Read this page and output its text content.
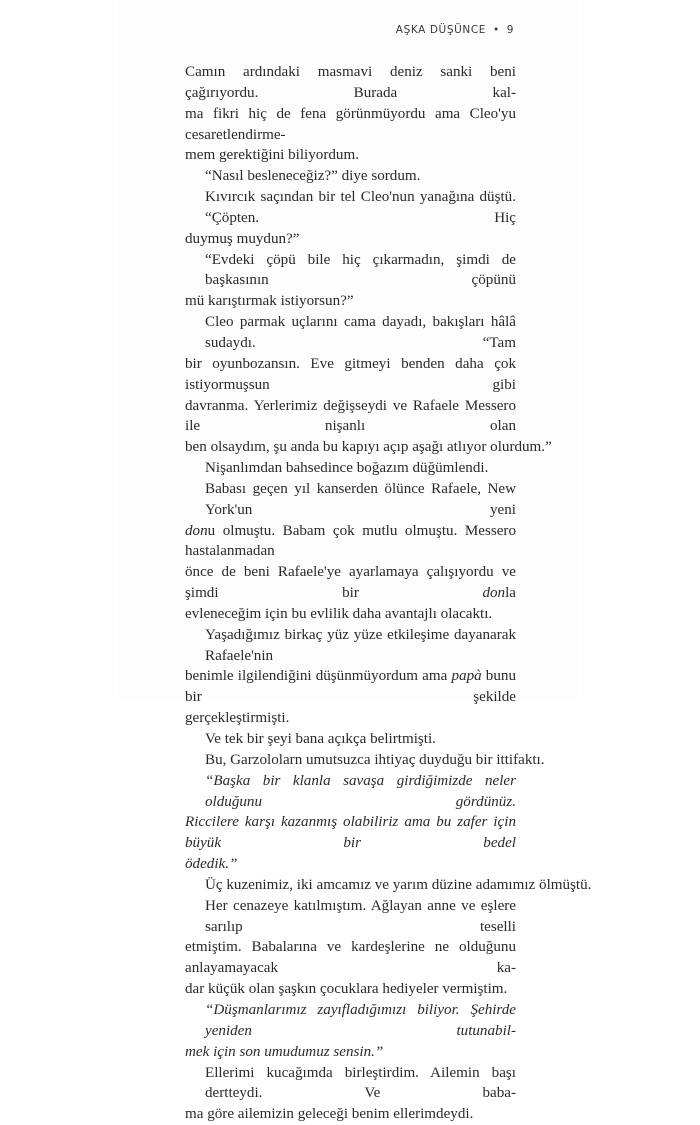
AŞKA DÜŞÜNCE • 9
Camın ardındaki masmavi deniz sanki beni çağırıyordu. Burada kal-
ma fikri hiç de fena görünmüyordu ama Cleo'yu cesaretlendirme-
mem gerektiğini biliyordum.
“Nasıl besleneceğiz?” diye sordum.
Kıvırcık saçından bir tel Cleo'nun yanağına düştü. “Çöpten. Hiç
duymuş muydun?”
“Evdeki çöpü bile hiç çıkarmadın, şimdi de başkasının çöpünü
mü karıştırmak istiyorsun?”
Cleo parmak uçlarını cama dayadı, bakışları hâlâ sudaydı. “Tam
bir oyunbozansın. Eve gitmeyi benden daha çok istiyormuşsun gibi
davranma. Yerlerimiz değişseydi ve Rafaele Messero ile nişanlı olan
ben olsaydım, şu anda bu kapıyı açıp aşağı atlıyor olurdum.”
Nişanlımdan bahsedince boğazım düğümlendi.
Babası geçen yıl kanserden ölünce Rafaele, New York'un yeni
donu olmuştu. Babam çok mutlu olmuştu. Messero hastalanmadan
önce de beni Rafaele'ye ayarlamaya çalışıyordu ve şimdi bir donla
evleneceğim için bu evlilik daha avantajlı olacaktı.
Yaşadığımız birkaç yüz yüze etkileşime dayanarak Rafaele'nin
benimle ilgilendiğini düşünmüyordum ama papà bunu bir şekilde
gerçekleştirmişti.
Ve tek bir şeyi bana açıkça belirtmişti.
Bu, Garzololarn umutsuzca ihtiyaç duyduğu bir ittifaktı.
“Başka bir klanla savaşa girdiğimizde neler olduğunu gördünüz.
Riccilere karşı kazanmış olabiliriz ama bu zafer için büyük bir bedel
ödedik.”
Üç kuzenimiz, iki amcamız ve yarım düzine adamımız ölmüştü.
Her cenazeye katılmıştım. Ağlayan anne ve eşlere sarılıp teselli
etmiştim. Babalarına ve kardeşlerine ne olduğunu anlayamayacak ka-
dar küçük olan şaşkın çocuklara hediyeler vermiştim.
“Düşmanlarımız zayıfladığımızı biliyor. Şehirde yeniden tutunabil-
mek için son umudumuz sensin.”
Ellerimi kucağımda birleştirdim. Ailemin başı dertteydi. Ve baba-
ma göre ailemizin geleceği benim ellerimdeydi.
